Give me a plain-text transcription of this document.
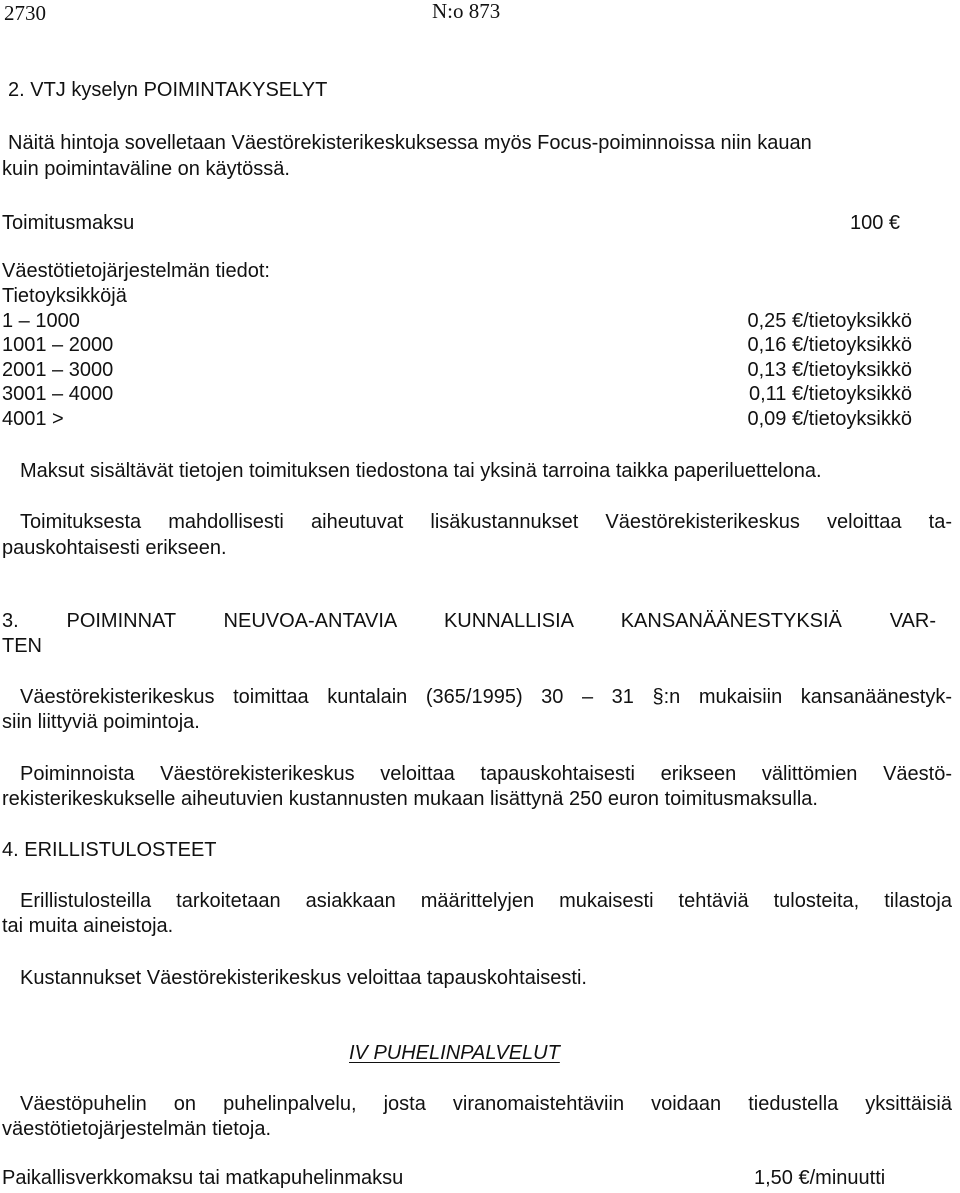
2730	N:o 873
2. VTJ kyselyn POIMINTAKYSELYT
Näitä hintoja sovelletaan Väestörekisterikeskuksessa myös Focus-poiminnoissa niin kauan
kuin poimintaväline on käytössä.
Toimitusmaksu	100 €
Väestötietojärjestelmän tiedot:
Tietoyksikköjä
1 – 1000	0,25 €/tietoyksikkö
1001 – 2000	0,16 €/tietoyksikkö
2001 – 3000	0,13 €/tietoyksikkö
3001 – 4000	0,11 €/tietoyksikkö
4001 >	0,09 €/tietoyksikkö
Maksut sisältävät tietojen toimituksen tiedostona tai yksinä tarroina taikka paperiluettelona.
Toimituksesta mahdollisesti aiheutuvat lisäkustannukset Väestörekisterikeskus veloittaa ta-
pauskohtaisesti erikseen.
3. POIMINNAT NEUVOA-ANTAVIA KUNNALLISIA KANSANÄÄNESTYKSIÄ VAR-
TEN
Väestörekisterikeskus toimittaa kuntalain (365/1995) 30 – 31 §:n mukaisiin kansanäänestyk-
siin liittyviä poimintoja.
Poiminnoista Väestörekisterikeskus veloittaa tapauskohtaisesti erikseen välittömien Väestö-
rekisterikeskukselle aiheutuvien kustannusten mukaan lisättynä 250 euron toimitusmaksulla.
4. ERILLISTULOSTEET
Erillistulosteilla tarkoitetaan asiakkaan määrittelyjen mukaisesti tehtäviä tulosteita, tilastoja
tai muita aineistoja.
Kustannukset Väestörekisterikeskus veloittaa tapauskohtaisesti.
IV PUHELINPALVELUT
Väestöpuhelin on puhelinpalvelu, josta viranomaistehtäviin voidaan tiedustella yksittäisiä
väestötietojärjestelmän tietoja.
Paikallisverkkomaksu tai matkapuhelinmaksu	1,50 €/minuutti
